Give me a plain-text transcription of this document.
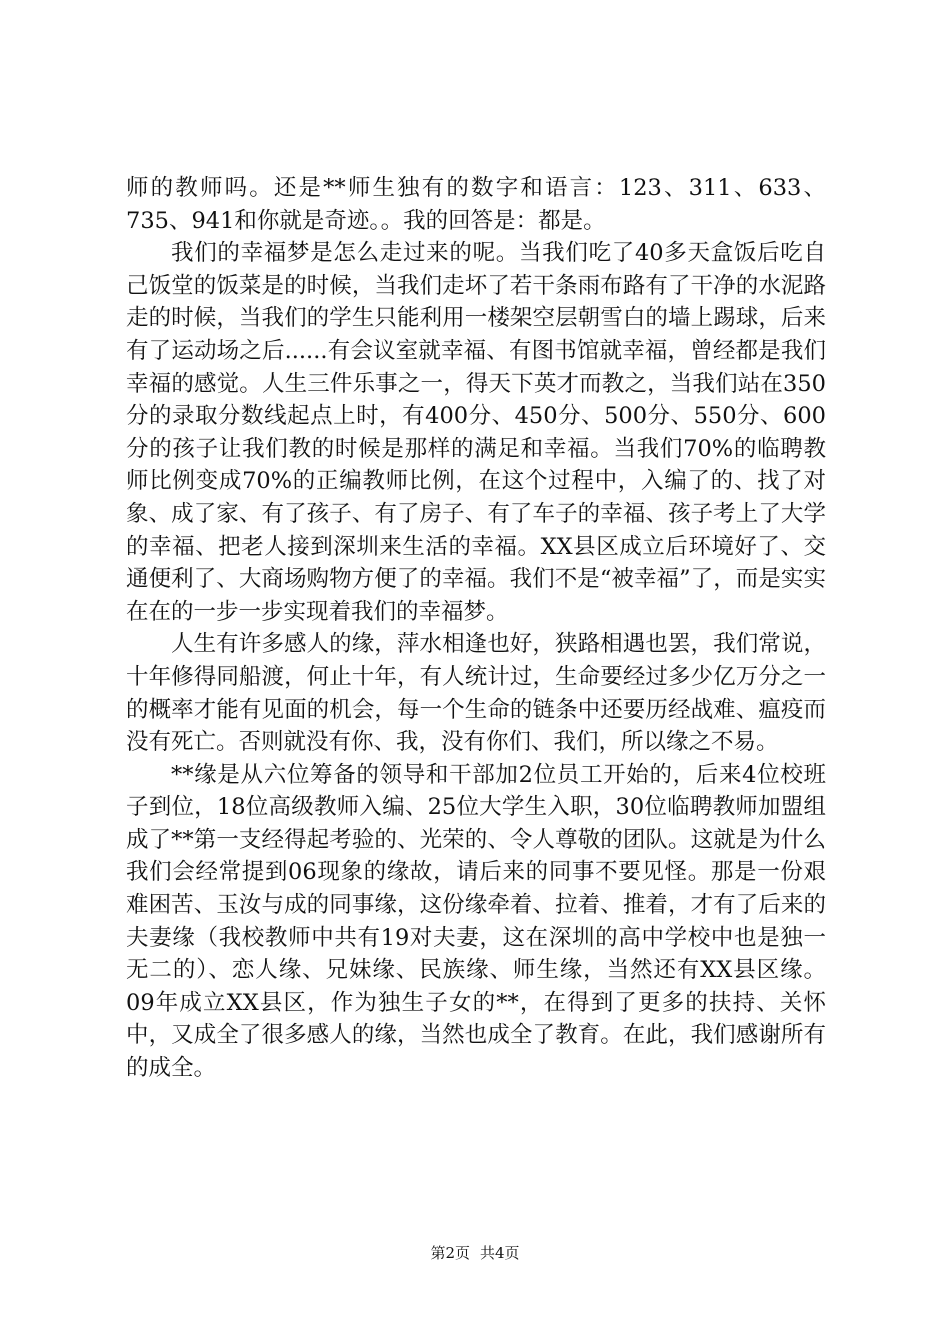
师的教师吗。还是**师生独有的数字和语言：123、311、633、735、941和你就是奇迹。。我的回答是：都是。

我们的幸福梦是怎么走过来的呢。当我们吃了40多天盒饭后吃自己饭堂的饭菜是的时候，当我们走坏了若干条雨布路有了干净的水泥路走的时候，当我们的学生只能利用一楼架空层朝雪白的墙上踢球，后来有了运动场之后......有会议室就幸福、有图书馆就幸福，曾经都是我们幸福的感觉。人生三件乐事之一，得天下英才而教之，当我们站在350分的录取分数线起点上时，有400分、450分、500分、550分、600分的孩子让我们教的时候是那样的满足和幸福。当我们70%的临聘教师比例变成70%的正编教师比例，在这个过程中，入编了的、找了对象、成了家、有了孩子、有了房子、有了车子的幸福、孩子考上了大学的幸福、把老人接到深圳来生活的幸福。XX县区成立后环境好了、交通便利了、大商场购物方便了的幸福。我们不是“被幸福”了，而是实实在在的一步一步实现着我们的幸福梦。

人生有许多感人的缘，萍水相逢也好，狭路相遇也罢，我们常说，十年修得同船渡，何止十年，有人统计过，生命要经过多少亿万分之一的概率才能有见面的机会，每一个生命的链条中还要历经战难、瘟疫而没有死亡。否则就没有你、我，没有你们、我们，所以缘之不易。

**缘是从六位筹备的领导和干部加2位员工开始的，后来4位校班子到位，18位高级教师入编、25位大学生入职，30位临聘教师加盟组成了**第一支经得起考验的、光荣的、令人尊敬的团队。这就是为什么我们会经常提到06现象的缘故，请后来的同事不要见怪。那是一份艰难困苦、玉汝与成的同事缘，这份缘牵着、拉着、推着，才有了后来的夫妻缘（我校教师中共有19对夫妻，这在深圳的高中学校中也是独一无二的）、恋人缘、兄妹缘、民族缘、师生缘，当然还有XX县区缘。09年成立XX县区，作为独生子女的**，在得到了更多的扶持、关怀中，又成全了很多感人的缘，当然也成全了教育。在此，我们感谢所有的成全。

第2页 共4页
